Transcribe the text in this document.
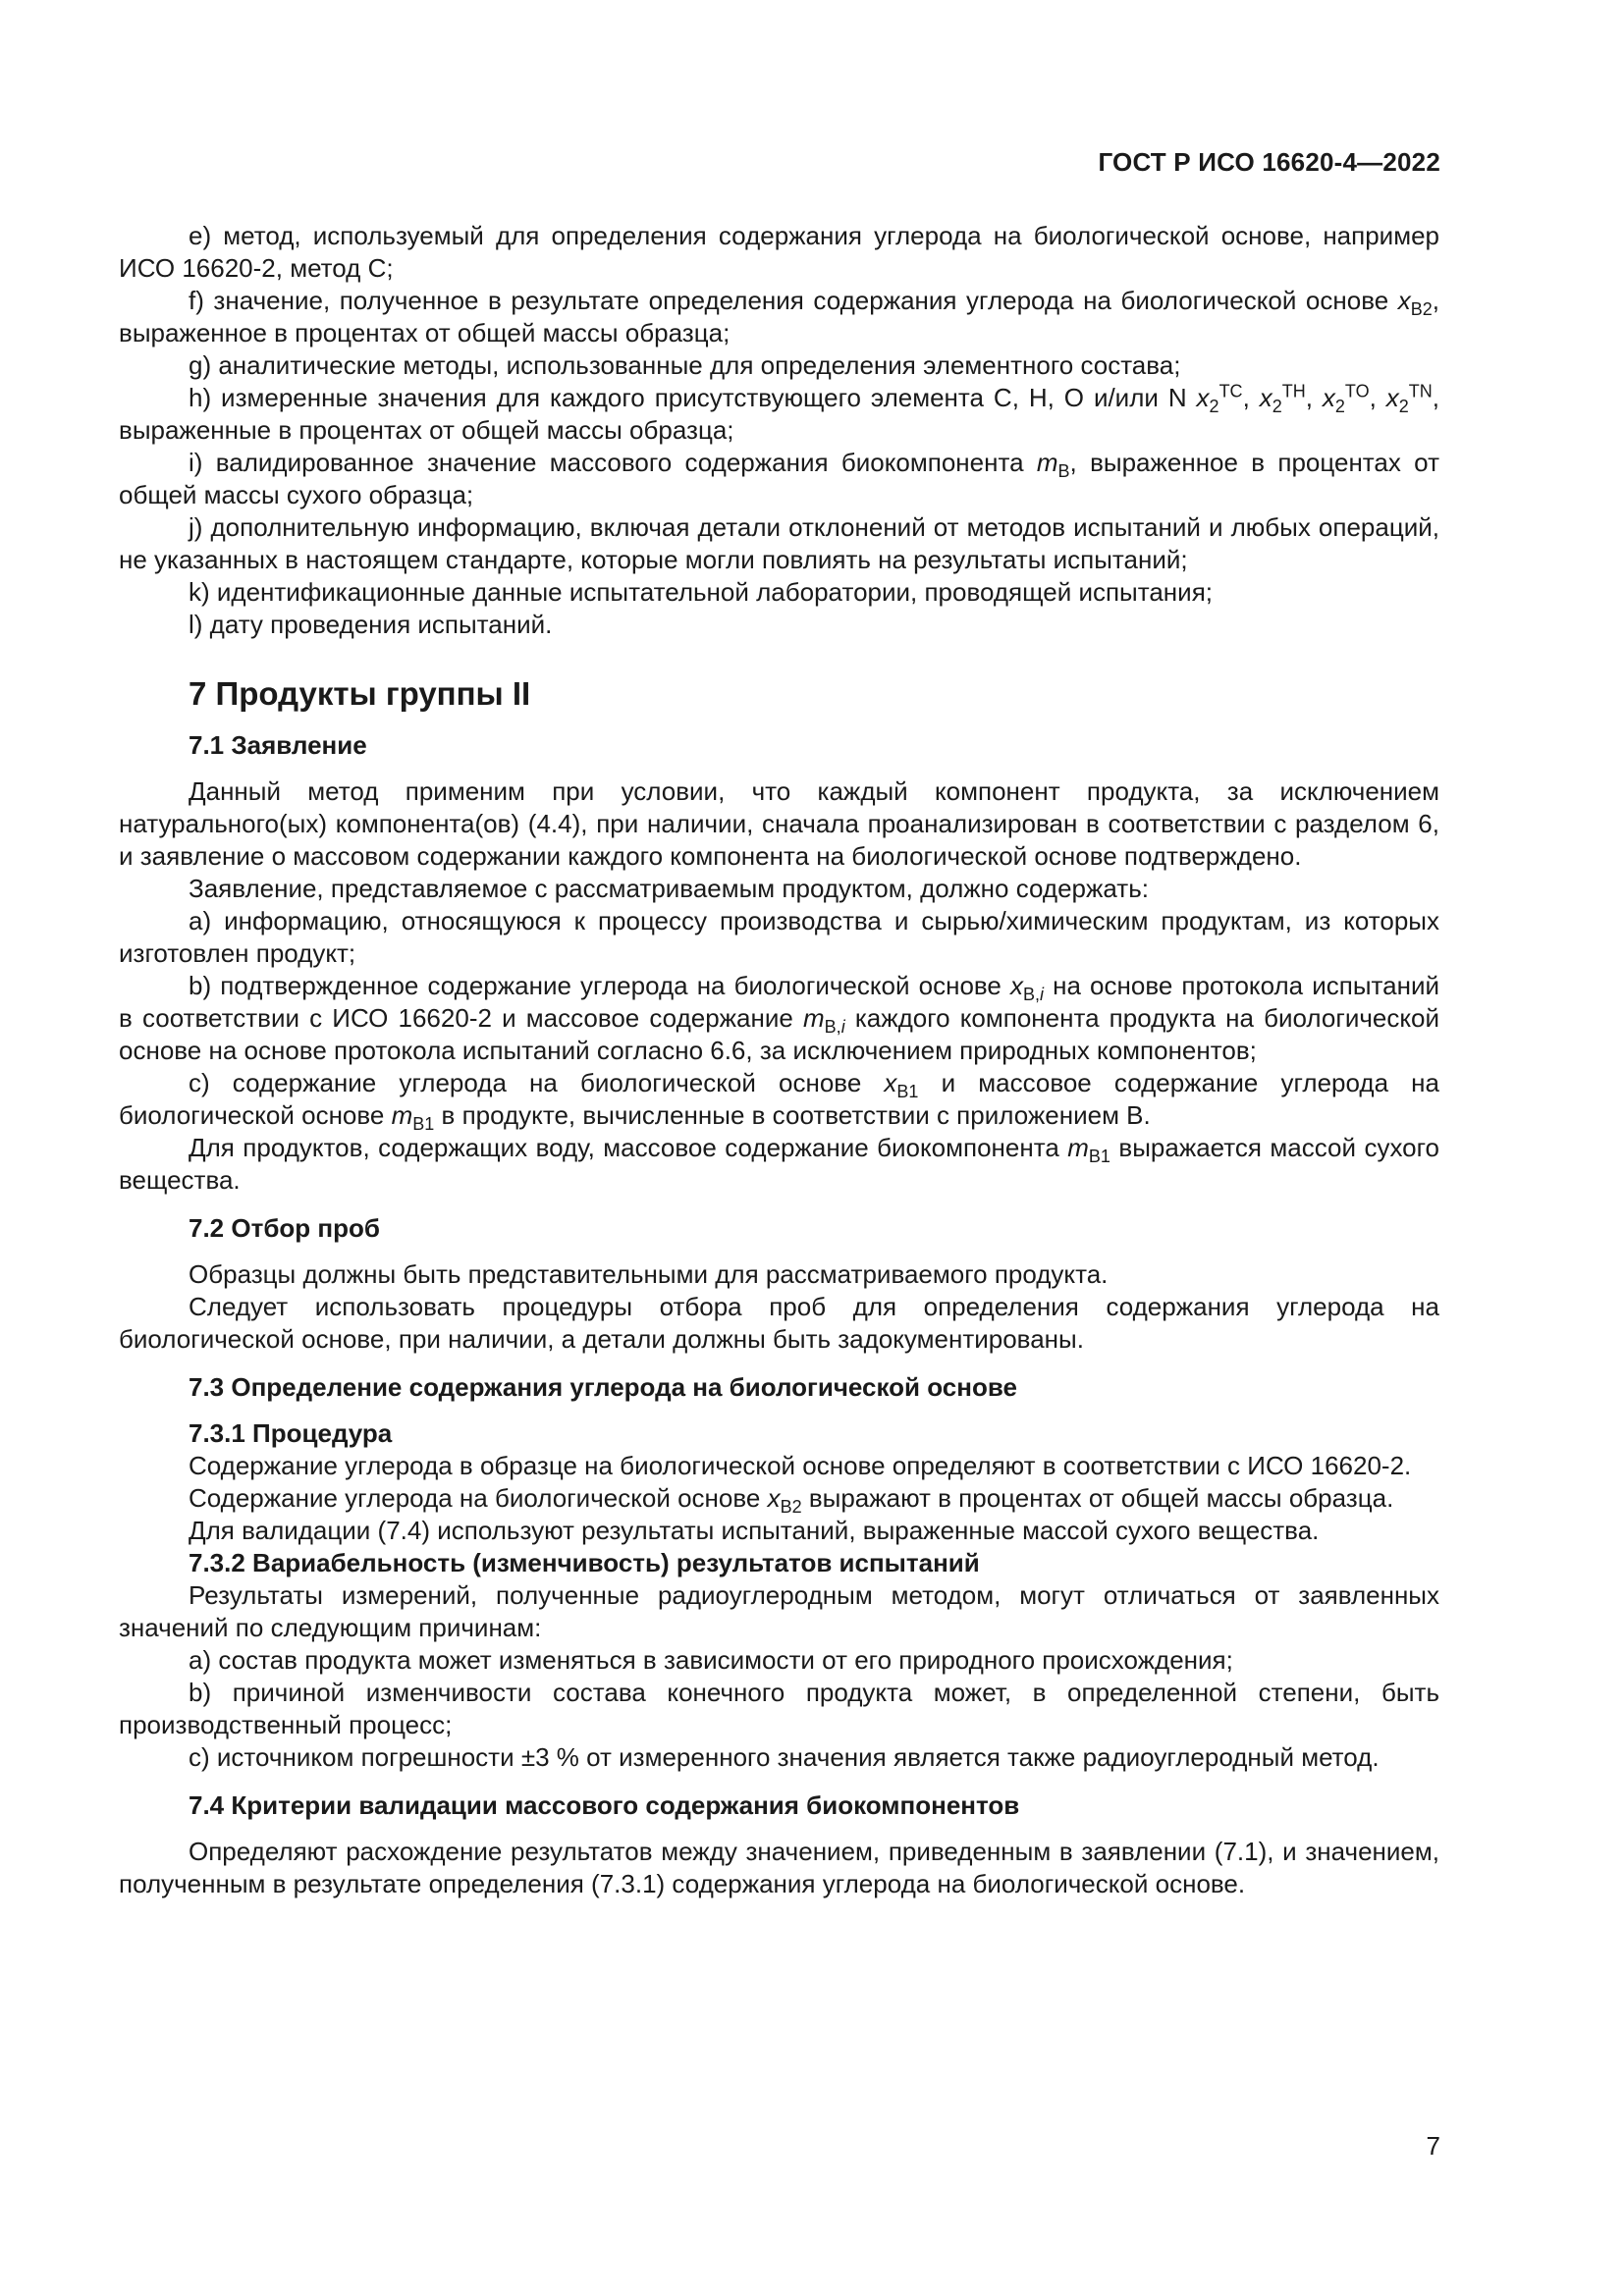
ГОСТ Р ИСО 16620-4—2022

e) метод, используемый для определения содержания углерода на биологической основе, например ИСО 16620-2, метод С;

f) значение, полученное в результате определения содержания углерода на биологической основе $x_{B2}$, выраженное в процентах от общей массы образца;

g) аналитические методы, использованные для определения элементного состава;

h) измеренные значения для каждого присутствующего элемента С, Н, О и/или N $x_2^{TC}$, $x_2^{TH}$, $x_2^{TO}$, $x_2^{TN}$, выраженные в процентах от общей массы образца;

i) валидированное значение массового содержания биокомпонента $m_B$, выраженное в процентах от общей массы сухого образца;

j) дополнительную информацию, включая детали отклонений от методов испытаний и любых операций, не указанных в настоящем стандарте, которые могли повлиять на результаты испытаний;

k) идентификационные данные испытательной лаборатории, проводящей испытания;

l) дату проведения испытаний.

7 Продукты группы II
7.1 Заявление

Данный метод применим при условии, что каждый компонент продукта, за исключением натурального(ых) компонента(ов) (4.4), при наличии, сначала проанализирован в соответствии с разделом 6, и заявление о массовом содержании каждого компонента на биологической основе подтверждено.

Заявление, представляемое с рассматриваемым продуктом, должно содержать:

a) информацию, относящуюся к процессу производства и сырью/химическим продуктам, из которых изготовлен продукт;

b) подтвержденное содержание углерода на биологической основе $x_{B,i}$ на основе протокола испытаний в соответствии с ИСО 16620-2 и массовое содержание $m_{B,i}$ каждого компонента продукта на биологической основе на основе протокола испытаний согласно 6.6, за исключением природных компонентов;

c) содержание углерода на биологической основе $x_{B1}$ и массовое содержание углерода на биологической основе $m_{B1}$ в продукте, вычисленные в соответствии с приложением В.

Для продуктов, содержащих воду, массовое содержание биокомпонента $m_{B1}$ выражается массой сухого вещества.

7.2 Отбор проб

Образцы должны быть представительными для рассматриваемого продукта.

Следует использовать процедуры отбора проб для определения содержания углерода на биологической основе, при наличии, а детали должны быть задокументированы.

7.3 Определение содержания углерода на биологической основе
7.3.1 Процедура

Содержание углерода в образце на биологической основе определяют в соответствии с ИСО 16620-2.

Содержание углерода на биологической основе $x_{B2}$ выражают в процентах от общей массы образца.

Для валидации (7.4) используют результаты испытаний, выраженные массой сухого вещества.

7.3.2 Вариабельность (изменчивость) результатов испытаний

Результаты измерений, полученные радиоуглеродным методом, могут отличаться от заявленных значений по следующим причинам:

a) состав продукта может изменяться в зависимости от его природного происхождения;

b) причиной изменчивости состава конечного продукта может, в определенной степени, быть производственный процесс;

c) источником погрешности ±3 % от измеренного значения является также радиоуглеродный метод.

7.4 Критерии валидации массового содержания биокомпонентов

Определяют расхождение результатов между значением, приведенным в заявлении (7.1), и значением, полученным в результате определения (7.3.1) содержания углерода на биологической основе.

7
